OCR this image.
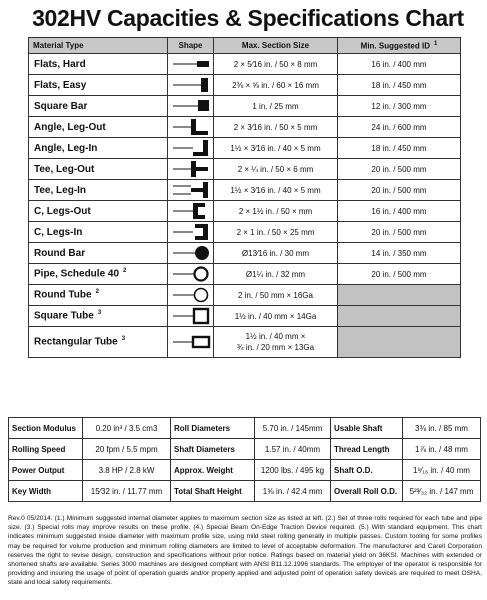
302HV Capacities & Specifications Chart
Material Type	Shape	Max. Section Size	Min. Suggested ID $^1$
Flats, Hard		2 × 5⁄16 in. / 50 × 8 mm	16 in. / 400 mm
Flats, Easy		2⅜ × ⅝ in. / 60 × 16 mm	18 in. / 450 mm
Square Bar		1 in. / 25 mm	12 in. / 300 mm
Angle, Leg-Out		2 × 3⁄16 in. / 50 × 5 mm	24 in. / 600 mm
Angle, Leg-In		1½ × 3⁄16 in. / 40 × 5 mm	18 in. / 450 mm
Tee, Leg-Out		2 × ¼ in. / 50 × 6 mm	20 in. / 500 mm
Tee, Leg-In		1½ × 3⁄16 in. / 40 × 5 mm	20 in. / 500 mm
C, Legs-Out		2 × 1½ in. / 50 × mm	16 in. / 400 mm
C, Legs-In		2 × 1 in. / 50 × 25 mm	20 in. / 500 mm
Round Bar		Ø13⁄16 in. / 30 mm	14 in. / 350 mm
Pipe, Schedule 40 $^2$		Ø1¼ in. / 32 mm	20 in. / 500 mm
Round Tube $^2$		2 in. / 50 mm × 16Ga	
Square Tube $^3$		1½ in. / 40 mm × 14Ga	
Rectangular Tube $^3$		1½ in. / 40 mm ×
¾ in. / 20 mm × 13Ga	

Section Modulus	0.20 in³ / 3.5 cm3	Roll Diameters	5.70 in. / 145mm	Usable Shaft	3⅜ in. / 85 mm
Rolling Speed	20 fpm / 5.5 mpm	Shaft Diameters	1.57 in. / 40mm	Thread Length	1⅞ in. / 48 mm
Power Output	3.8 HP / 2.8 kW	Approx. Weight	1200 lbs. / 495 kg	Shaft O.D.	1⁹⁄₁₆ in. / 40 mm
Key Width	15⁄32 in. / 11.77 mm	Total Shaft Height	1⅝ in. / 42.4 mm	Overall Roll O.D.	5²³⁄₃₂ in. / 147 mm

Rev.0 05/2014. (1.) Minimum suggested internal diameter applies to maximum section size as listed at left. (2.) Set of three rolls required for each tube and pipe size. (3.) Special rolls may improve results on these profile. (4.) Special Beam On-Edge Traction Device required. (5.) With standard equipment. This chart indicates minimum suggested inside diameter with maximum profile size, using mild steel rolling generally in multiple passes. Custom tooling for some profiles may be required for volume production and minimum rolling diameters are limited to level of acceptable deformation. The manufacturer and Carell Corporation reserves the right to revise design, construction and specifications without prior notice. Ratings based on material yield on 36KSI. Machines with extended or shortened shafts are available. Series 3000 machines are designed compliant with ANSI B11.12.1996 standards. The employer of the operator is responsible for providing and insuring the usage of point of operation guards and/or properly applied and adjusted point of operation safety devices are required to meet OSHA, state and local safety requirements.
